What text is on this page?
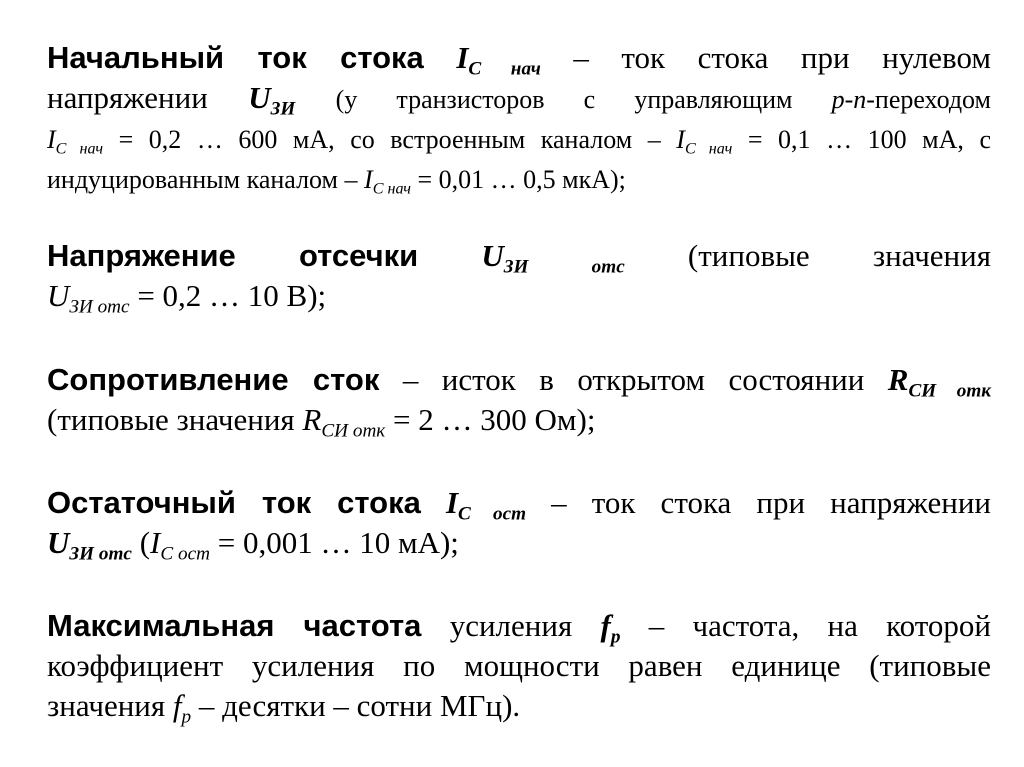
Начальный ток стока $I_{C нач}$ – ток стока при нулевом
напряжении $U_{ЗИ}$ (у транзисторов с управляющим p-n-переходом
$I_{C нач} = 0,2$ … 600 мА, со встроенным каналом – $I_{C нач} = 0,1$ … 100 мА, с
индуцированным каналом – $I_{C нач} = 0,01$ … 0,5 мкА);
Напряжение отсечки $U_{ЗИ}$	$_{отс}$ (типовые значения
$U_{ЗИ отс} = 0,2$ … 10 В);
Сопротивление сток – исток в открытом состоянии $R_{СИ отк}$
(типовые значения $R_{СИ отк} = 2$ … 300 Ом);
Остаточный ток стока $I_{C ост}$ – ток стока при напряжении
$U_{ЗИ отс}$ ($I_{C ост} = 0,001$ … 10 мА);
Максимальная частота усиления $f_р$ – частота, на которой
коэффициент усиления по мощности равен единице (типовые
значения $f_р$ – десятки – сотни МГц).
